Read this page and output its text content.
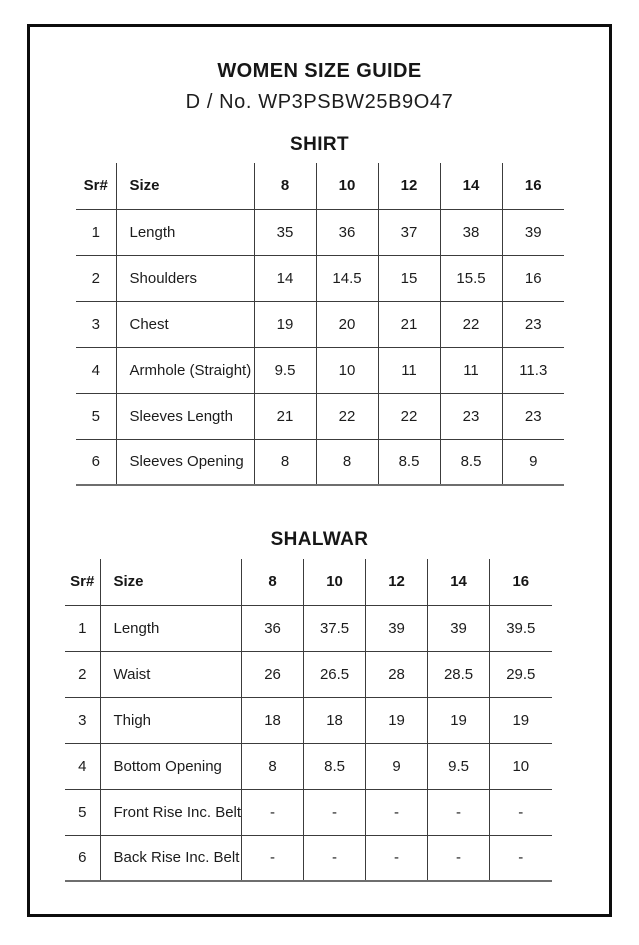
WOMEN SIZE GUIDE
D / No. WP3PSBW25B9O47
SHIRT
Sr#	Size	8	10	12	14	16
1	Length	35	36	37	38	39
2	Shoulders	14	14.5	15	15.5	16
3	Chest	19	20	21	22	23
4	Armhole (Straight)	9.5	10	11	11	11.3
5	Sleeves Length	21	22	22	23	23
6	Sleeves Opening	8	8	8.5	8.5	9
SHALWAR
Sr#	Size	8	10	12	14	16
1	Length	36	37.5	39	39	39.5
2	Waist	26	26.5	28	28.5	29.5
3	Thigh	18	18	19	19	19
4	Bottom Opening	8	8.5	9	9.5	10
5	Front Rise Inc. Belt	-	-	-	-	-
6	Back Rise Inc. Belt	-	-	-	-	-
